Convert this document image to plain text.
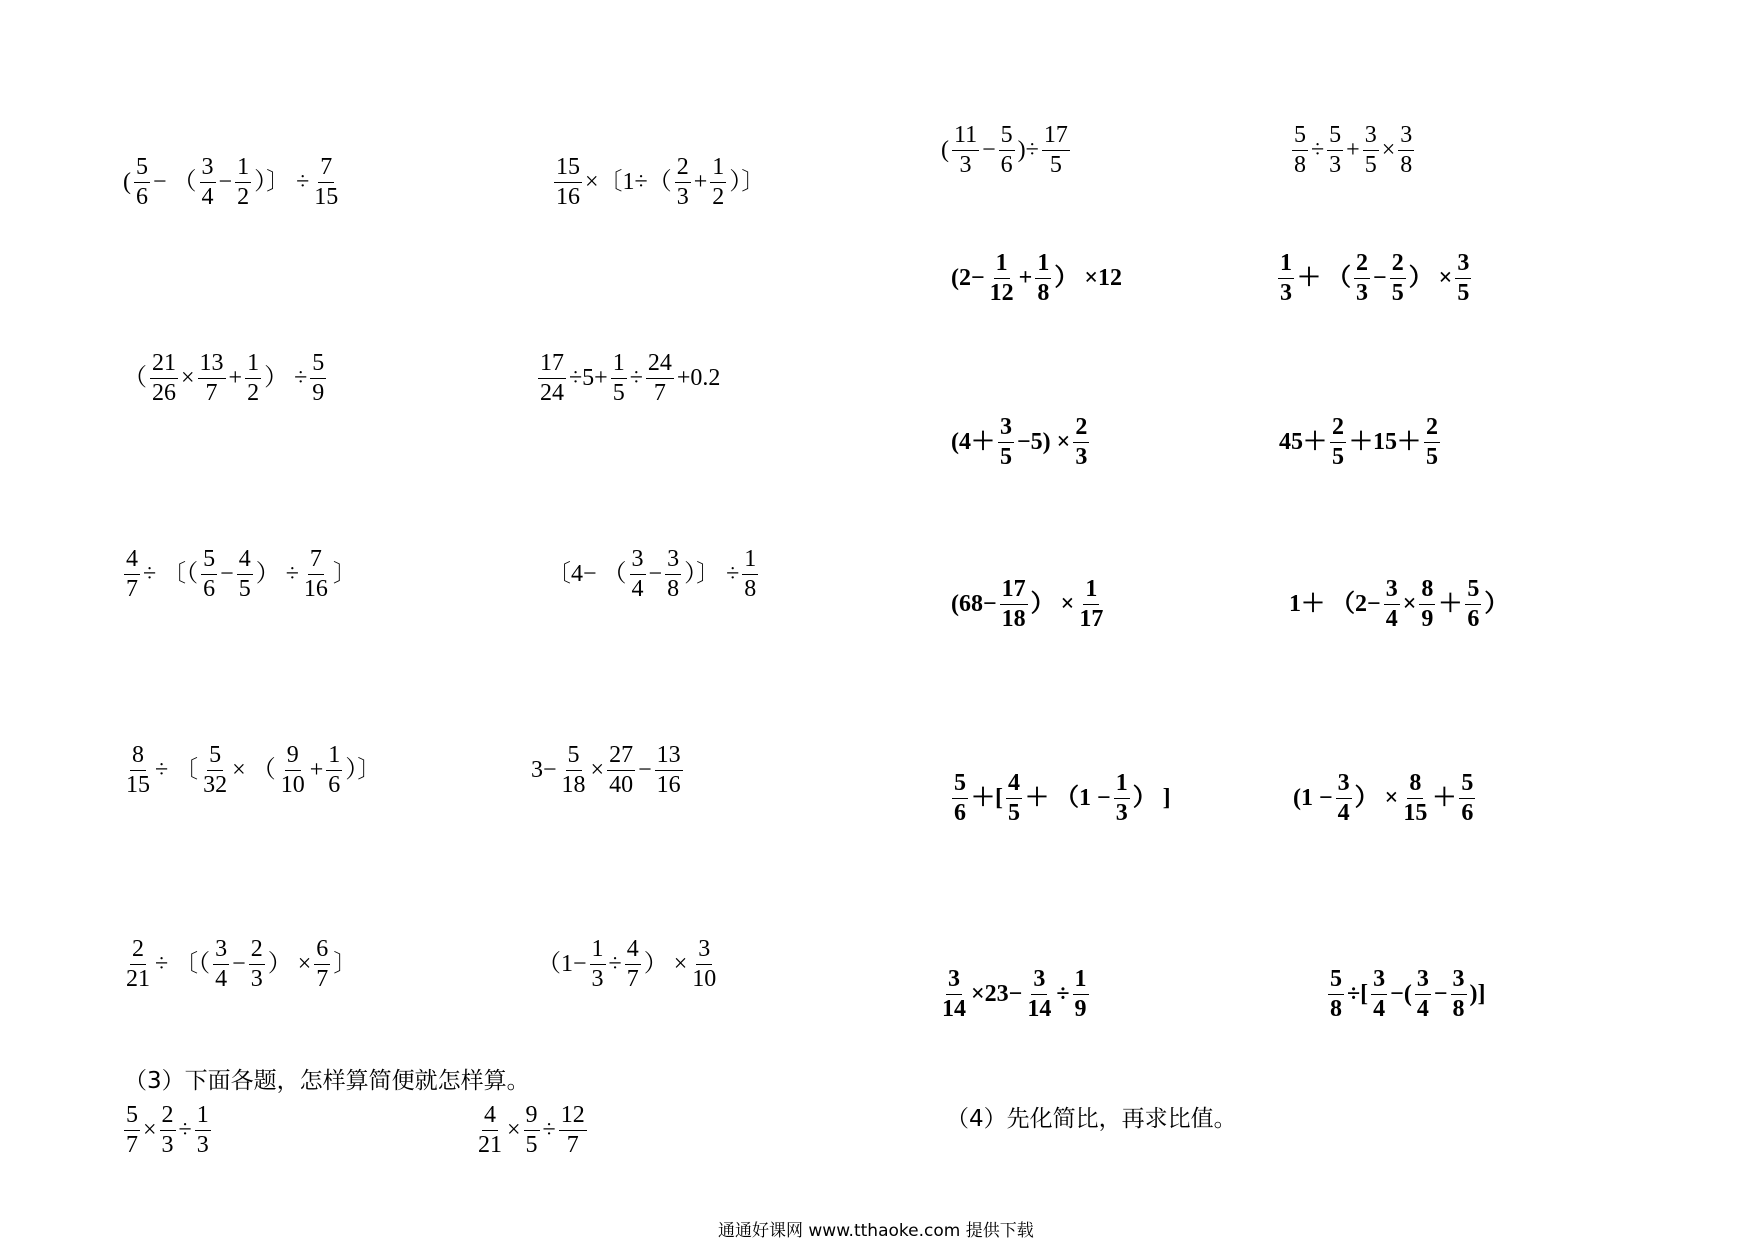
( $\frac{5}{6}$ − （ $\frac{3}{4} - \frac{1}{2}$ ）〕 ÷ $\frac{7}{15}$	$\frac{15}{16}$ ×〔$1\div( \frac{2}{3} + \frac{1}{2}$ ）〕
( $\frac{11}{3} - \frac{5}{6}$ )÷ $\frac{17}{5}$	$\frac{5}{8} \div \frac{5}{3} + \frac{3}{5} \times \frac{3}{8}$
($2- \frac{1}{12} + \frac{1}{8}$ ） ×12	$\frac{1}{3}$ ＋ （ $\frac{2}{3} - \frac{2}{5}$ ） × $\frac{3}{5}$
（ $\frac{21}{26} \times \frac{13}{7} + \frac{1}{2}$ ） ÷ $\frac{5}{9}$	$\frac{17}{24} \div 5+ \frac{1}{5} \div \frac{24}{7} +0.2$
$(4+ \frac{3}{5} -5) \times \frac{2}{3}$	$45+ \frac{2}{5} +15+ \frac{2}{5}$
$\frac{4}{7}$ ÷ 〔（ $\frac{5}{6} - \frac{4}{5}$ ） ÷ $\frac{7}{16}$ 〕	〔4− （ $\frac{3}{4} - \frac{3}{8}$ ）〕 ÷ $\frac{1}{8}$
($68- \frac{17}{18}$ ） × $\frac{1}{17}$	$1+ (2- \frac{3}{4} \times \frac{8}{9} + \frac{5}{6}$ ）
$\frac{8}{15}$ ÷ 〔 $\frac{5}{32}$ × （ $\frac{9}{10} + \frac{1}{6}$ ）〕	$3- \frac{5}{18} \times \frac{27}{40} - \frac{13}{16}$
$\frac{5}{6}$ ＋[ $\frac{4}{5} + (1 - \frac{1}{3}$ ） ]	($1 - \frac{3}{4}$ ） × $\frac{8}{15} + \frac{5}{6}$
$\frac{2}{21}$ ÷ 〔（ $\frac{3}{4} - \frac{2}{3}$ ） × $\frac{6}{7}$ 〕	（$1- \frac{1}{3} \div \frac{4}{7}$ ） × $\frac{3}{10}$
$\frac{3}{14} \times 23- \frac{3}{14} \div \frac{1}{9}$	$\frac{5}{8}$ ÷[ $\frac{3}{4}$ −( $\frac{3}{4} - \frac{3}{8}$ )]
$\frac{5}{7} \times \frac{2}{3} \div \frac{1}{3}$	$\frac{4}{21} \times \frac{9}{5} \div \frac{12}{7}$
（3）下面各题，怎样算简便就怎样算。
（4）先化简比，再求比值。
通通好课网 www.tthaoke.com 提供下载
